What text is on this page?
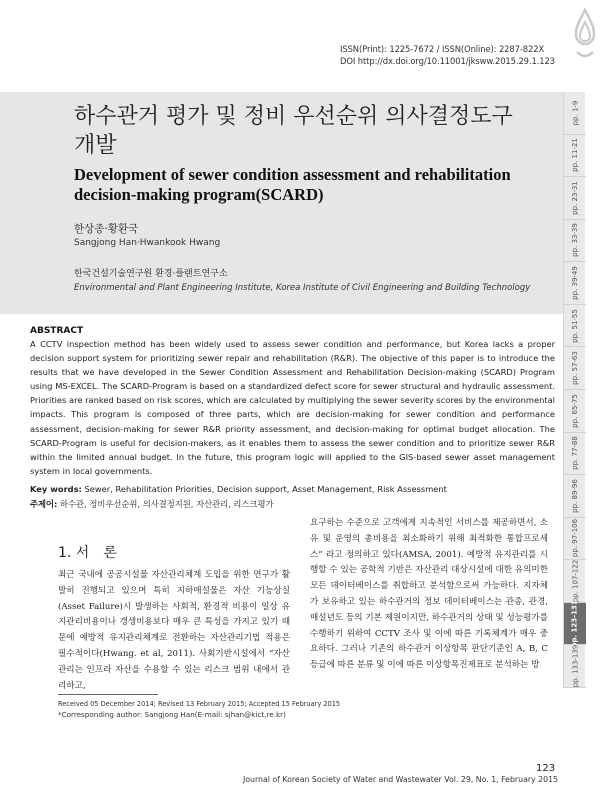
ISSN(Print): 1225-7672 / ISSN(Online): 2287-822X
DOI http://dx.doi.org/10.11001/jksww.2015.29.1.123
하수관거 평가 및 정비 우선순위 의사결정도구
개발
Development of sewer condition assessment and rehabilitation
decision-making program(SCARD)
한상종·황환국
Sangjong Han·Hwankook Hwang
한국건설기술연구원 환경·플랜트연구소
Environmental and Plant Engineering Institute, Korea Institute of Civil Engineering and Building Technology
pp. 1-9
pp. 11-21
pp. 23-31
pp. 33-39
pp. 39-49
pp. 51-55
pp. 57-63
pp. 65-75
pp. 77-88
pp. 89-96
pp. 97-106
pp. 107-122
pp. 123-131
pp. 133-139
ABSTRACT
A CCTV inspection method has been widely used to assess sewer condition and performance, but Korea lacks a proper decision support system for prioritizing sewer repair and rehabilitation (R&R). The objective of this paper is to introduce the results that we have developed in the Sewer Condition Assessment and Rehabilitation Decision-making (SCARD) Program using MS-EXCEL. The SCARD-Program is based on a standardized defect score for sewer structural and hydraulic assessment. Priorities are ranked based on risk scores, which are calculated by multiplying the sewer severity scores by the environmental impacts. This program is composed of three parts, which are decision-making for sewer condition and performance assessment, decision-making for sewer R&R priority assessment, and decision-making for optimal budget allocation. The SCARD-Program is useful for decision-makers, as it enables them to assess the sewer condition and to prioritize sewer R&R within the limited annual budget. In the future, this program logic will applied to the GIS-based sewer asset management system in local governments.
Key words: Sewer, Rehabilitation Priorities, Decision support, Asset Management, Risk Assessment
주제어: 하수관, 정비우선순위, 의사결정지원, 자산관리, 리스크평가
1. 서　론
최근 국내에 공공시설물 자산관리체계 도입을 위한 연구가 활발히 진행되고 있으며 특히 지하매설물은 자산 기능상실(Asset Failure)시 발생하는 사회적, 환경적 비용이 일상 유지관리비용이나 갱생비용보다 매우 큰 특성을 가지고 있기 때문에 예방적 유지관리체계로 전환하는 자산관리기법 적용은 필수적이다(Hwang. et al, 2011). 사회기반시설에서 “자산관리는 인프라 자산을 수용할 수 있는 리스크 범위 내에서 관리하고,
요구하는 수준으로 고객에게 지속적인 서비스를 제공하면서, 소유 및 운영의 총비용을 최소화하기 위해 최적화한 통합프로세스” 라고 정의하고 있다(AMSA, 2001). 예방적 유지관리를 시행할 수 있는 공학적 기반은 자산관리 대상시설에 대한 유의미한 모든 데이터베이스를 취합하고 분석함으로써 가능하다. 지자체가 보유하고 있는 하수관거의 정보 데이터베이스는 관종, 관경, 매설년도 등의 기본 제원이지만, 하수관거의 상태 및 성능평가를 수행하기 위하여 CCTV 조사 및 이에 따른 기록체계가 매우 중요하다. 그러나 기존의 하수관거 이상항목 판단기준인 A, B, C 등급에 따른 분류 및 이에 따른 이상항목진제표로 분석하는 방
Received 05 December 2014; Revised 13 February 2015; Accepted 15 February 2015
*Corresponding author: Sangjong Han(E-mail: sjhan@kict.re.kr)
123
Journal of Korean Society of Water and Wastewater Vol. 29, No. 1, February 2015
